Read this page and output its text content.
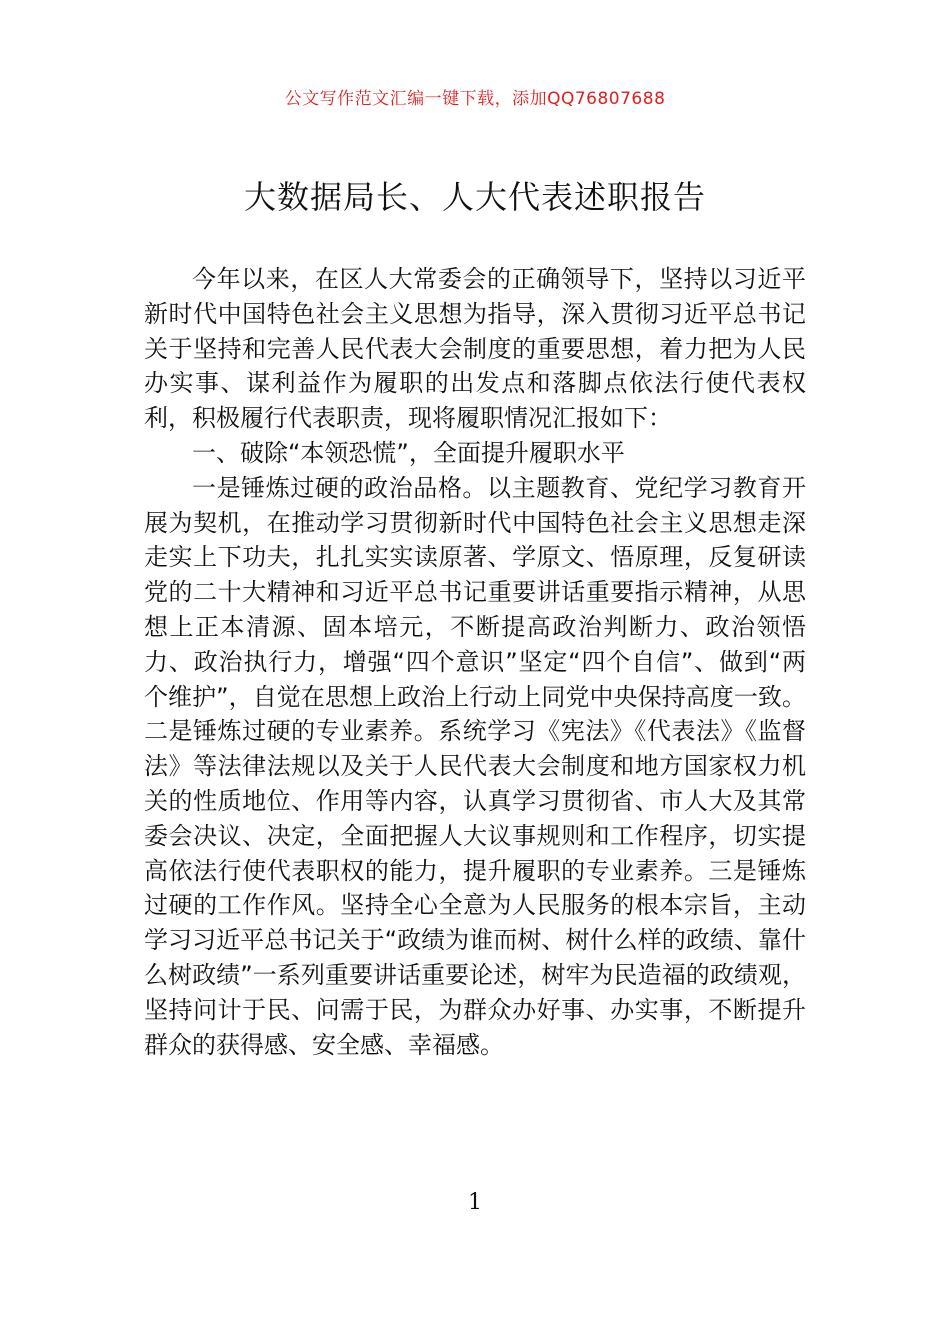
公文写作范文汇编一键下载，添加QQ76807688
大数据局长、人大代表述职报告

今年以来，在区人大常委会的正确领导下，坚持以习近平新时代中国特色社会主义思想为指导，深入贯彻习近平总书记关于坚持和完善人民代表大会制度的重要思想，着力把为人民办实事、谋利益作为履职的出发点和落脚点依法行使代表权利，积极履行代表职责，现将履职情况汇报如下：

一、破除“本领恐慌”，全面提升履职水平

一是锤炼过硬的政治品格。以主题教育、党纪学习教育开展为契机，在推动学习贯彻新时代中国特色社会主义思想走深走实上下功夫，扎扎实实读原著、学原文、悟原理，反复研读党的二十大精神和习近平总书记重要讲话重要指示精神，从思想上正本清源、固本培元，不断提高政治判断力、政治领悟力、政治执行力，增强“四个意识”坚定“四个自信”、做到“两个维护”，自觉在思想上政治上行动上同党中央保持高度一致。二是锤炼过硬的专业素养。系统学习《宪法》《代表法》《监督法》等法律法规以及关于人民代表大会制度和地方国家权力机关的性质地位、作用等内容，认真学习贯彻省、市人大及其常委会决议、决定，全面把握人大议事规则和工作程序，切实提高依法行使代表职权的能力，提升履职的专业素养。三是锤炼过硬的工作作风。坚持全心全意为人民服务的根本宗旨，主动学习习近平总书记关于“政绩为谁而树、树什么样的政绩、靠什么树政绩”一系列重要讲话重要论述，树牢为民造福的政绩观，坚持问计于民、问需于民，为群众办好事、办实事，不断提升群众的获得感、安全感、幸福感。

1
